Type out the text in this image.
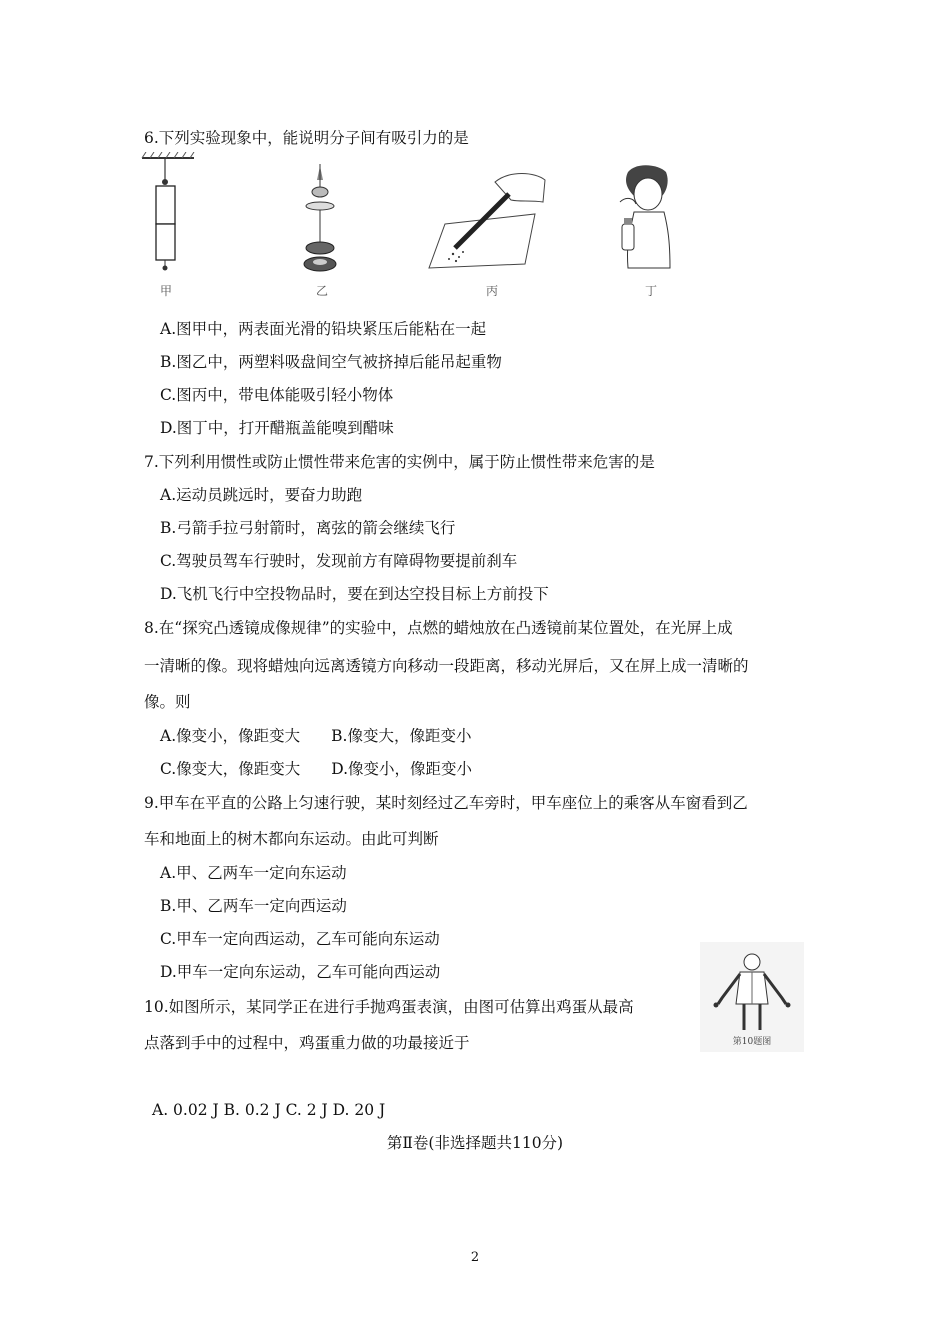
6.下列实验现象中，能说明分子间有吸引力的是
甲	乙	丙	丁
A.图甲中，两表面光滑的铅块紧压后能粘在一起
B.图乙中，两塑料吸盘间空气被挤掉后能吊起重物
C.图丙中，带电体能吸引轻小物体
D.图丁中，打开醋瓶盖能嗅到醋味
7.下列利用惯性或防止惯性带来危害的实例中，属于防止惯性带来危害的是
A.运动员跳远时，要奋力助跑
B.弓箭手拉弓射箭时，离弦的箭会继续飞行
C.驾驶员驾车行驶时，发现前方有障碍物要提前刹车
D.飞机飞行中空投物品时，要在到达空投目标上方前投下
8.在“探究凸透镜成像规律”的实验中，点燃的蜡烛放在凸透镜前某位置处，在光屏上成
一清晰的像。现将蜡烛向远离透镜方向移动一段距离，移动光屏后，又在屏上成一清晰的
像。则
A.像变小，像距变大　　B.像变大，像距变小
C.像变大，像距变大　　D.像变小，像距变小
9.甲车在平直的公路上匀速行驶，某时刻经过乙车旁时，甲车座位上的乘客从车窗看到乙
车和地面上的树木都向东运动。由此可判断
A.甲、乙两车一定向东运动
B.甲、乙两车一定向西运动
C.甲车一定向西运动，乙车可能向东运动
D.甲车一定向东运动，乙车可能向西运动
10.如图所示，某同学正在进行手抛鸡蛋表演，由图可估算出鸡蛋从最高
点落到手中的过程中，鸡蛋重力做的功最接近于	第10题图
A. 0.02 J B. 0.2 J C. 2 J D. 20 J
第Ⅱ卷(非选择题共110分)
2
